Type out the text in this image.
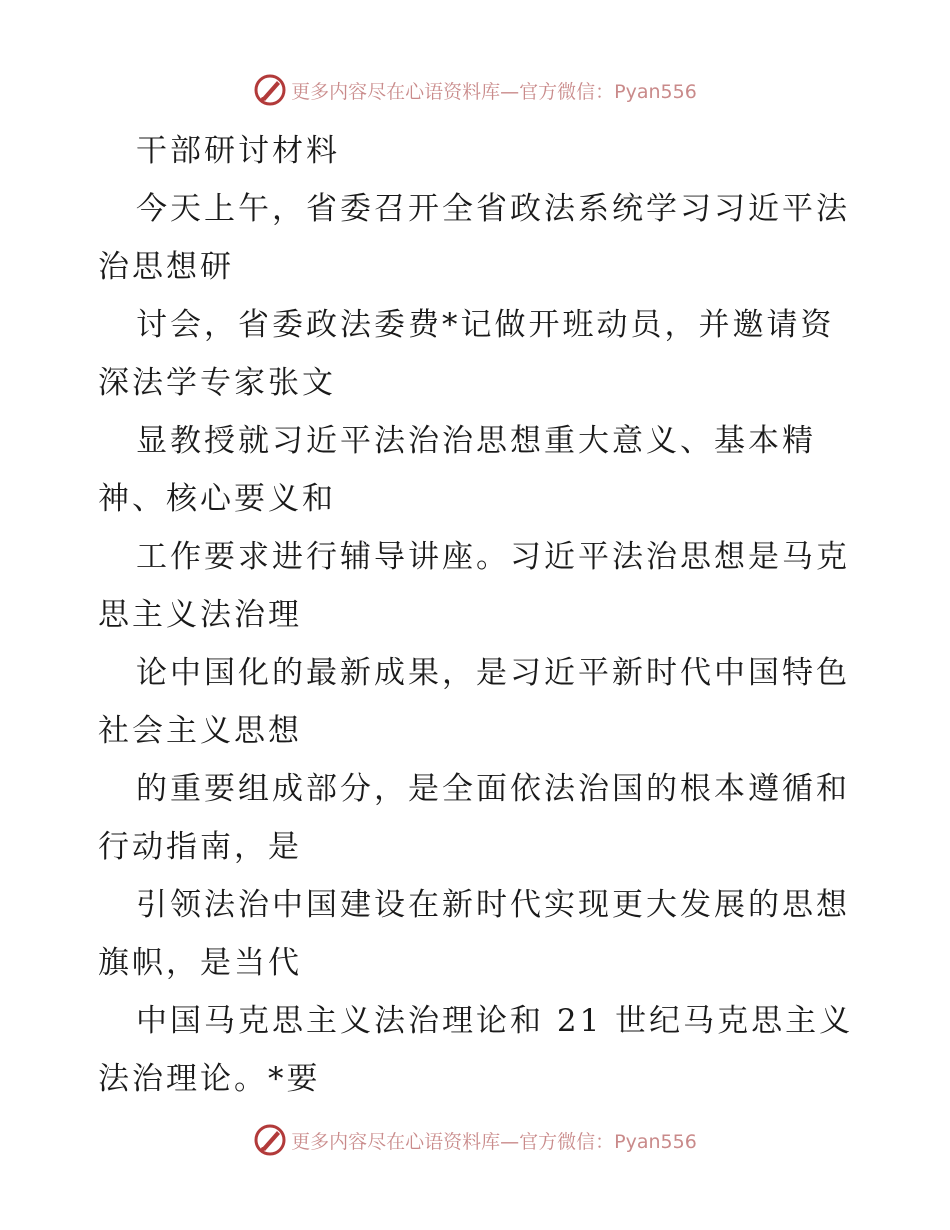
更多内容尽在心语资料库—官方微信：Pyan556
干部研讨材料
今天上午，省委召开全省政法系统学习习近平法
治思想研
讨会，省委政法委费*记做开班动员，并邀请资
深法学专家张文
显教授就习近平法治治思想重大意义、基本精
神、核心要义和
工作要求进行辅导讲座。习近平法治思想是马克
思主义法治理
论中国化的最新成果，是习近平新时代中国特色
社会主义思想
的重要组成部分，是全面依法治国的根本遵循和
行动指南，是
引领法治中国建设在新时代实现更大发展的思想
旗帜，是当代
中国马克思主义法治理论和 21 世纪马克思主义
法治理论。*要
更多内容尽在心语资料库—官方微信：Pyan556
